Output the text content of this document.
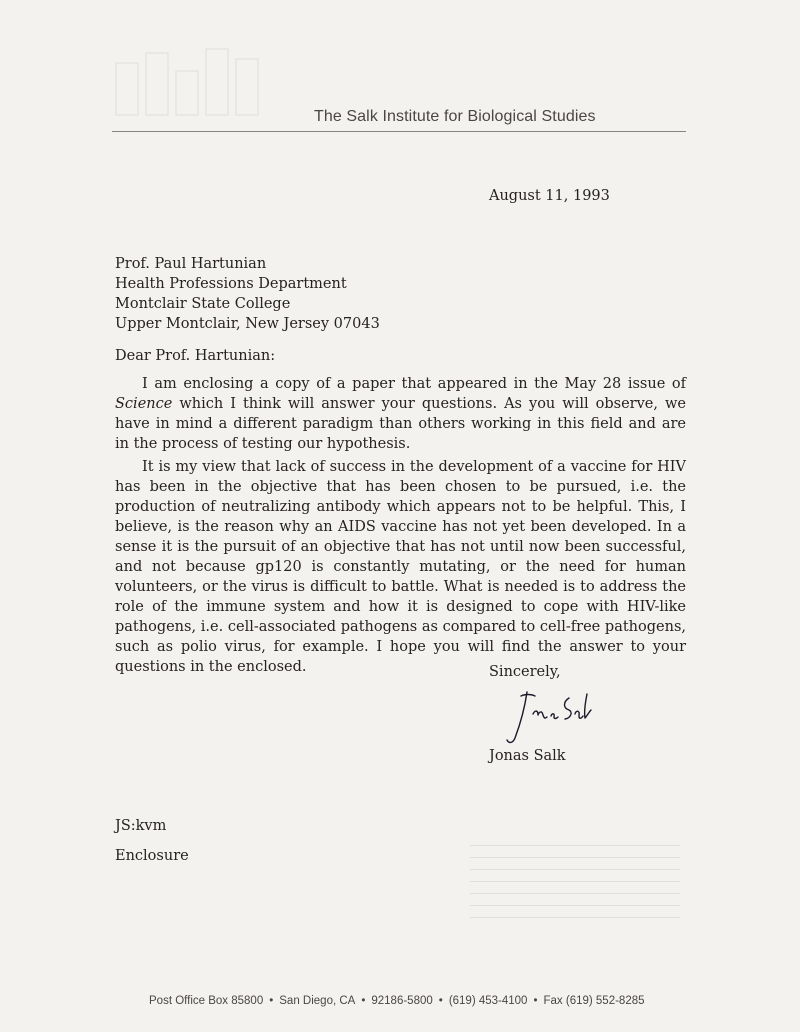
The Salk Institute for Biological Studies
August 11, 1993
Prof. Paul Hartunian
Health Professions Department
Montclair State College
Upper Montclair, New Jersey 07043
Dear Prof. Hartunian:
I am enclosing a copy of a paper that appeared in the May 28 issue of
Science which I think will answer your questions. As you will observe, we
have in mind a different paradigm than others working in this field and are
in the process of testing our hypothesis.
It is my view that lack of success in the development of a vaccine for HIV
has been in the objective that has been chosen to be pursued, i.e. the
production of neutralizing antibody which appears not to be helpful. This, I
believe, is the reason why an AIDS vaccine has not yet been developed. In a
sense it is the pursuit of an objective that has not until now been successful,
and not because gp120 is constantly mutating, or the need for human
volunteers, or the virus is difficult to battle. What is needed is to address the
role of the immune system and how it is designed to cope with HIV-like
pathogens, i.e. cell-associated pathogens as compared to cell-free pathogens,
such as polio virus, for example. I hope you will find the answer to your
questions in the enclosed.	Sincerely,
Jonas Salk
JS:kvm
Enclosure
Post Office Box 85800 • San Diego, CA • 92186-5800 • (619) 453-4100 • Fax (619) 552-8285
